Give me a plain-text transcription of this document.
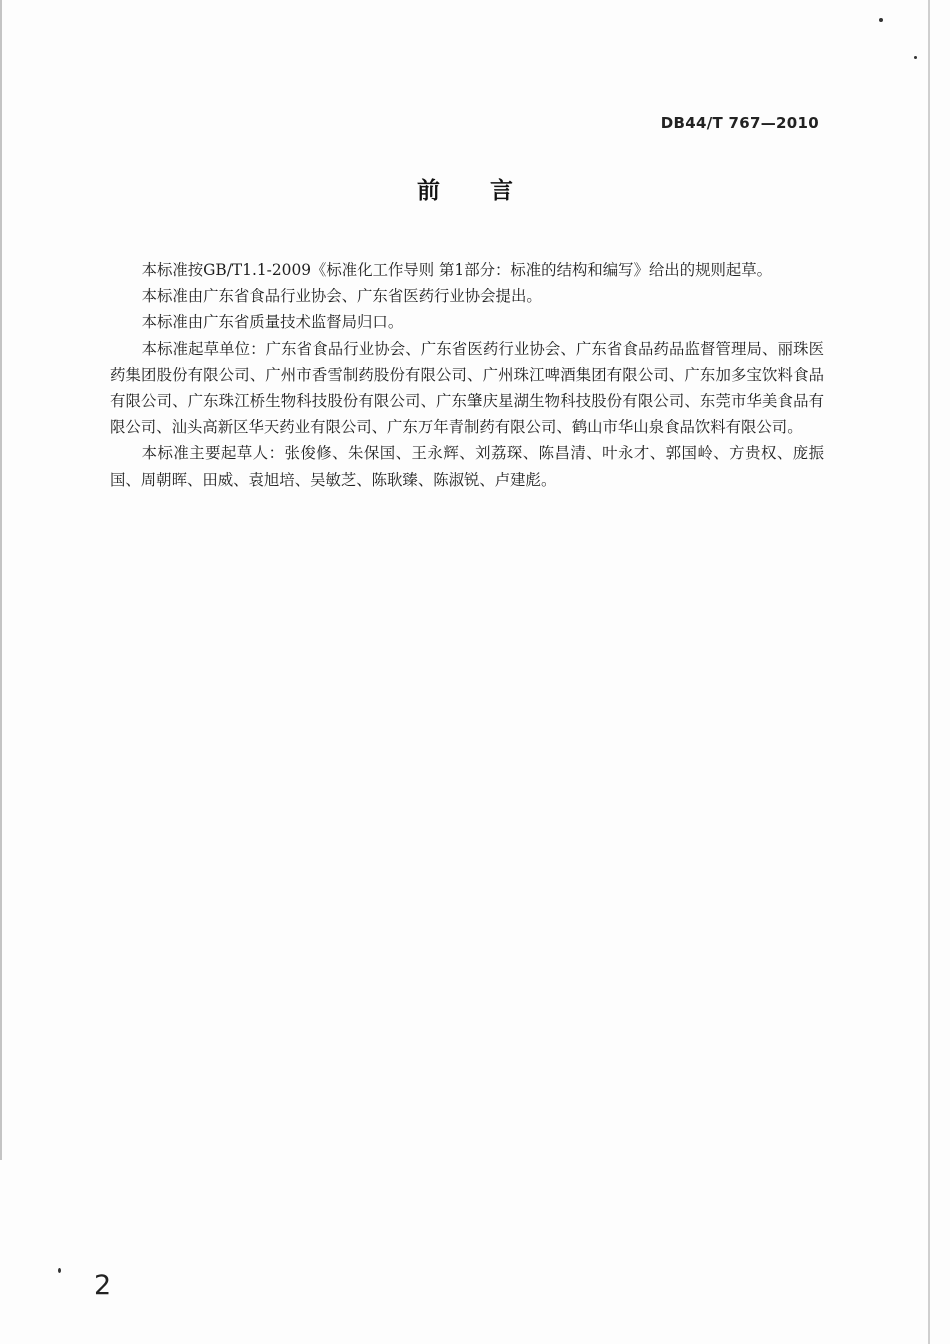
DB44/T 767—2010
前言

本标准按GB/T1.1-2009《标准化工作导则 第1部分：标准的结构和编写》给出的规则起草。

本标准由广东省食品行业协会、广东省医药行业协会提出。

本标准由广东省质量技术监督局归口。

本标准起草单位：广东省食品行业协会、广东省医药行业协会、广东省食品药品监督管理局、丽珠医药集团股份有限公司、广州市香雪制药股份有限公司、广州珠江啤酒集团有限公司、广东加多宝饮料食品有限公司、广东珠江桥生物科技股份有限公司、广东肇庆星湖生物科技股份有限公司、东莞市华美食品有限公司、汕头高新区华天药业有限公司、广东万年青制药有限公司、鹤山市华山泉食品饮料有限公司。

本标准主要起草人：张俊修、朱保国、王永辉、刘荔琛、陈昌清、叶永才、郭国岭、方贵权、庞振国、周朝晖、田威、袁旭培、吴敏芝、陈耿臻、陈淑锐、卢建彪。

2
